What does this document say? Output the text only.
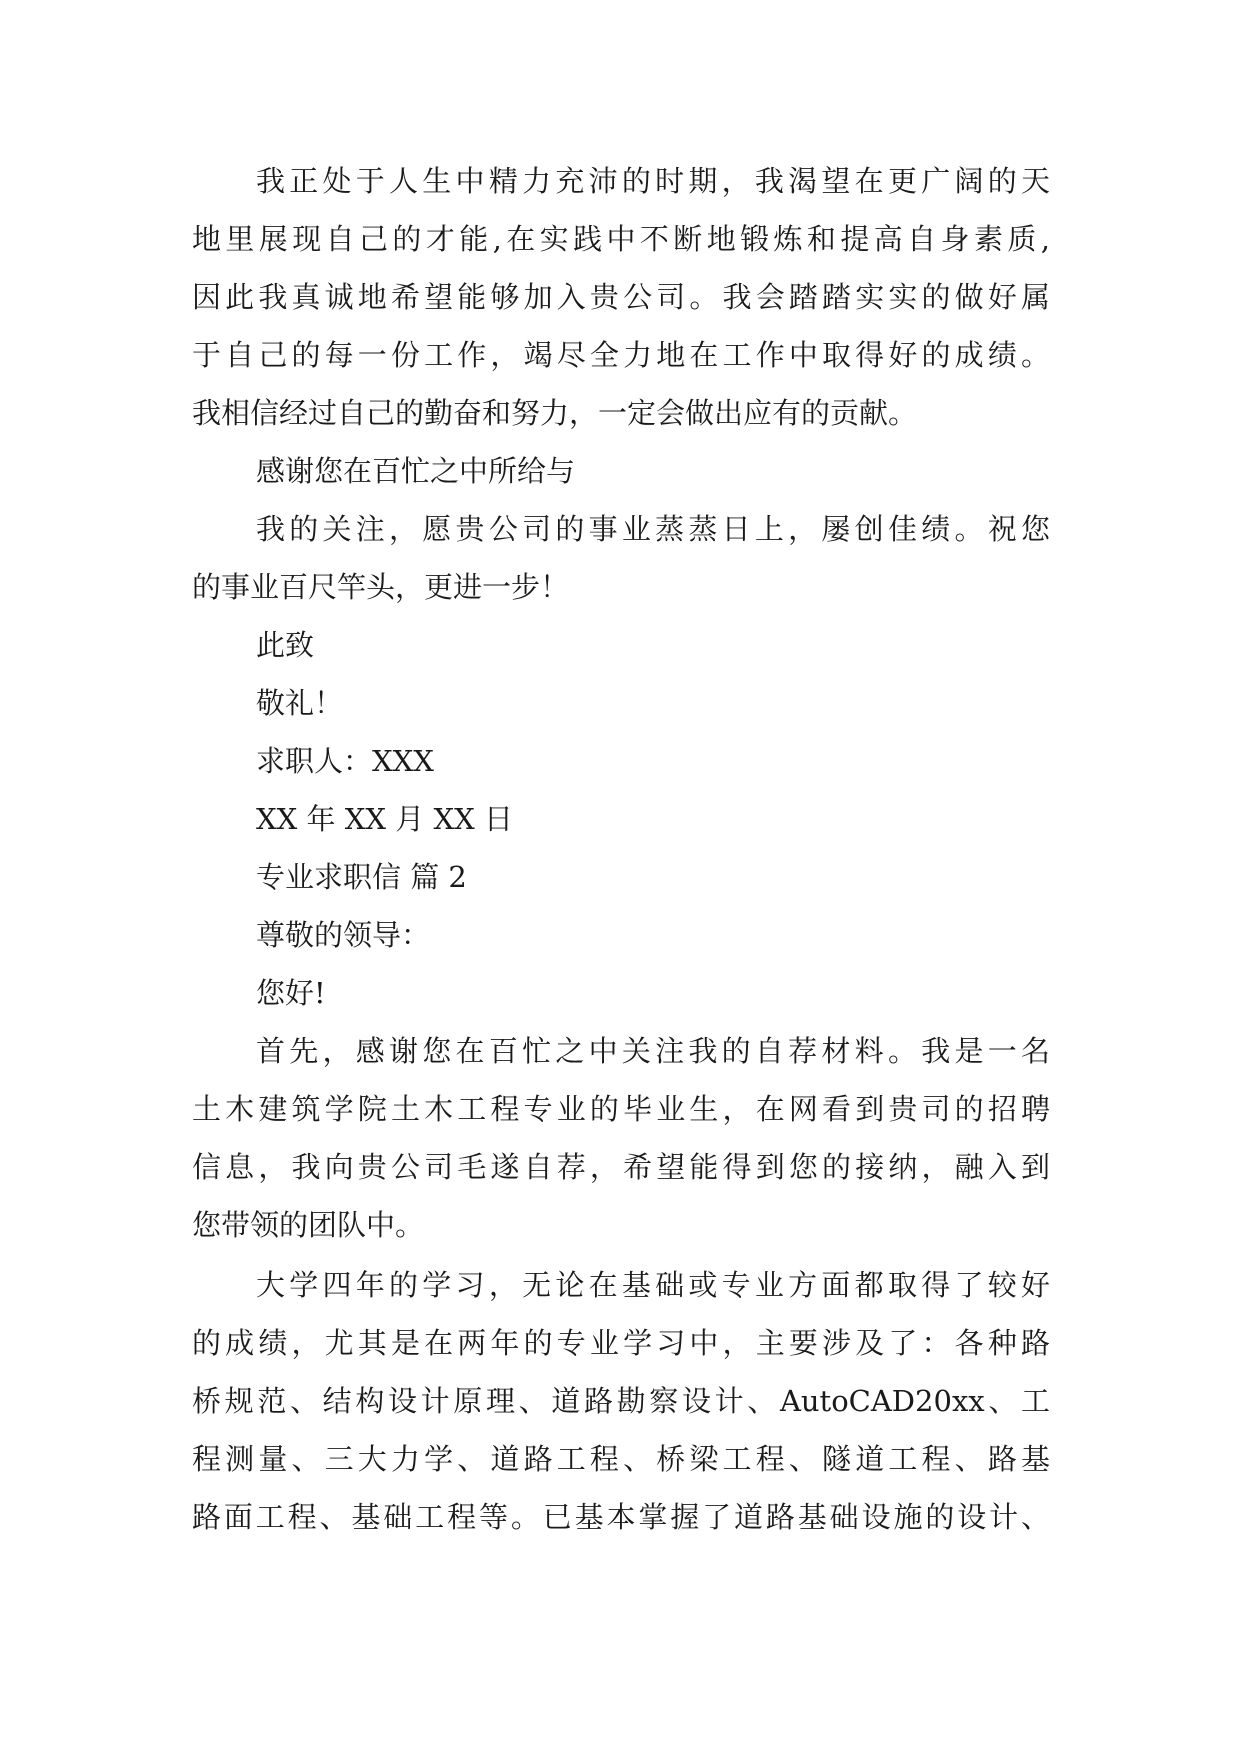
我正处于人生中精力充沛的时期，我渴望在更广阔的天
地里展现自己的才能,在实践中不断地锻炼和提高自身素质,
因此我真诚地希望能够加入贵公司。我会踏踏实实的做好属
于自己的每一份工作，竭尽全力地在工作中取得好的成绩。
我相信经过自己的勤奋和努力，一定会做出应有的贡献。
感谢您在百忙之中所给与
我的关注，愿贵公司的事业蒸蒸日上，屡创佳绩。祝您
的事业百尺竿头，更进一步！
此致
敬礼！
求职人：XXX
XX 年 XX 月 XX 日
专业求职信 篇 2
尊敬的领导：
您好!
首先，感谢您在百忙之中关注我的自荐材料。我是一名
土木建筑学院土木工程专业的毕业生，在网看到贵司的招聘
信息，我向贵公司毛遂自荐，希望能得到您的接纳，融入到
您带领的团队中。
大学四年的学习，无论在基础或专业方面都取得了较好
的成绩，尤其是在两年的专业学习中，主要涉及了：各种路
桥规范、结构设计原理、道路勘察设计、AutoCAD20xx、工
程测量、三大力学、道路工程、桥梁工程、隧道工程、路基
路面工程、基础工程等。已基本掌握了道路基础设施的设计、
